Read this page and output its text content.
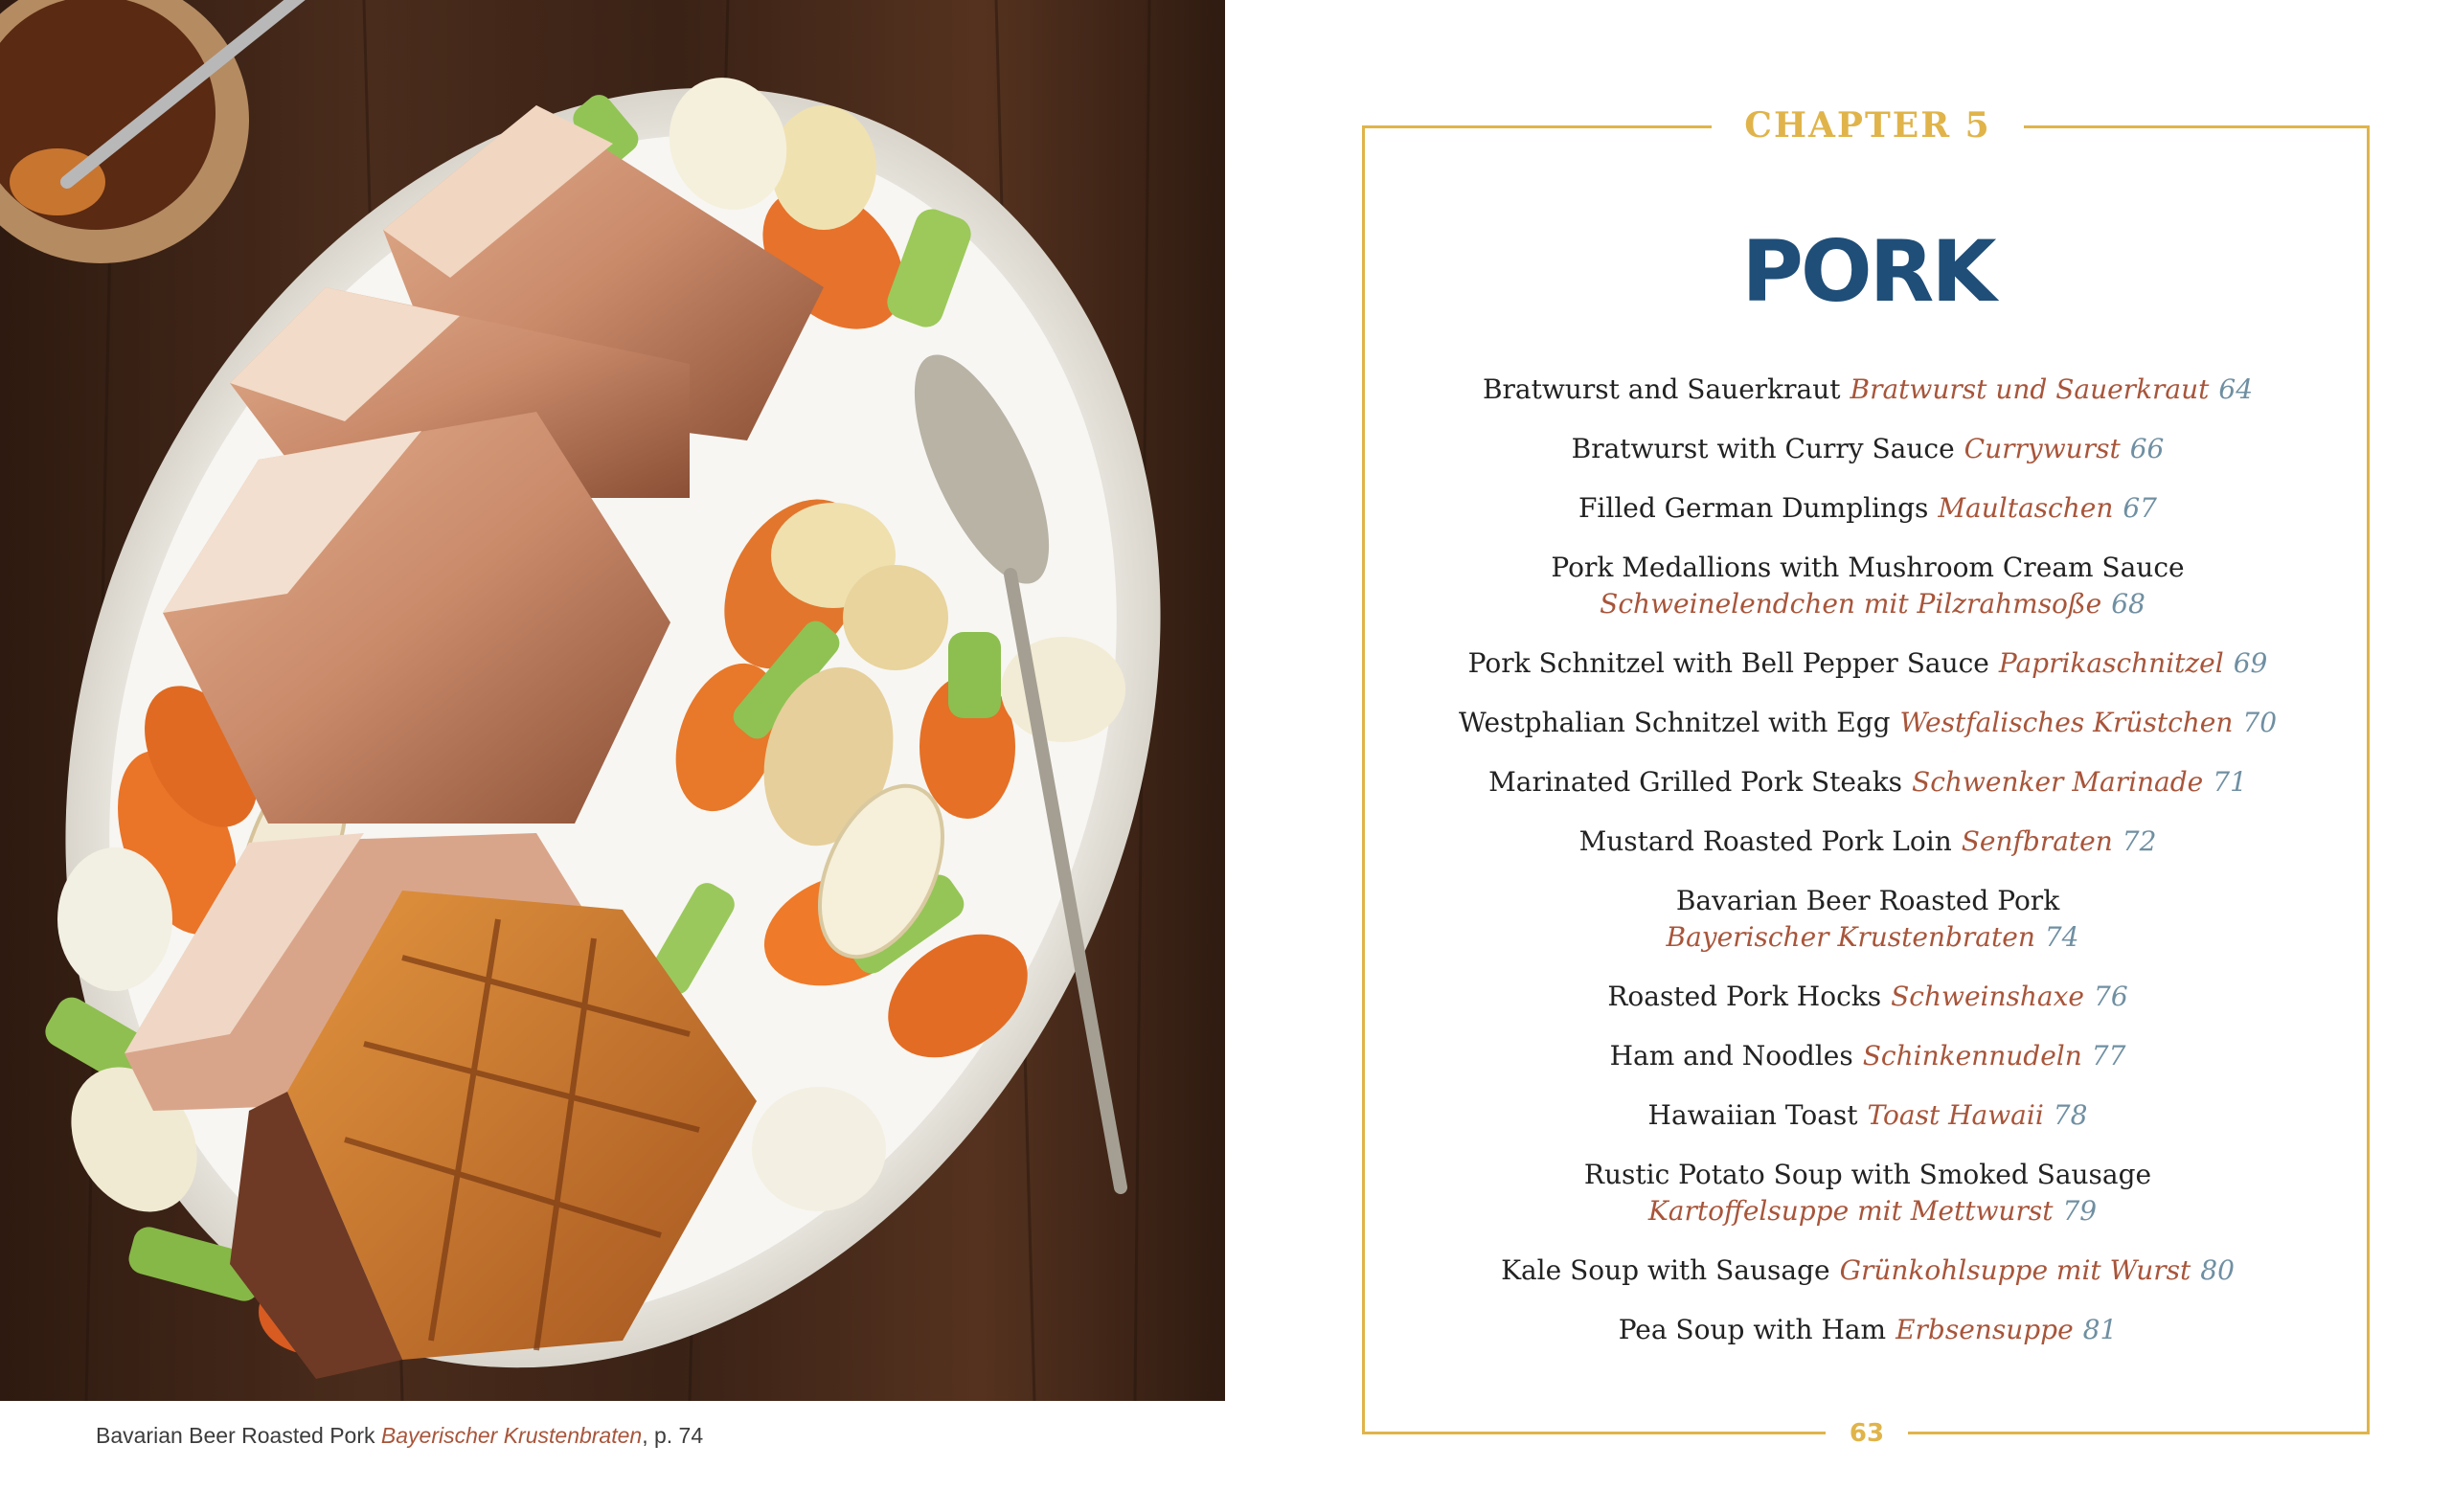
Bavarian Beer Roasted Pork Bayerischer Krustenbraten, p. 74
CHAPTER 5
PORK
Bratwurst and Sauerkraut Bratwurst und Sauerkraut 64
Bratwurst with Curry Sauce Currywurst 66
Filled German Dumplings Maultaschen 67
Pork Medallions with Mushroom Cream Sauce
Schweinelendchen mit Pilzrahmsoße 68
Pork Schnitzel with Bell Pepper Sauce Paprikaschnitzel 69
Westphalian Schnitzel with Egg Westfalisches Krüstchen 70
Marinated Grilled Pork Steaks Schwenker Marinade 71
Mustard Roasted Pork Loin Senfbraten 72
Bavarian Beer Roasted Pork
Bayerischer Krustenbraten 74
Roasted Pork Hocks Schweinshaxe 76
Ham and Noodles Schinkennudeln 77
Hawaiian Toast Toast Hawaii 78
Rustic Potato Soup with Smoked Sausage
Kartoffelsuppe mit Mettwurst 79
Kale Soup with Sausage Grünkohlsuppe mit Wurst 80
Pea Soup with Ham Erbsensuppe 81
63
